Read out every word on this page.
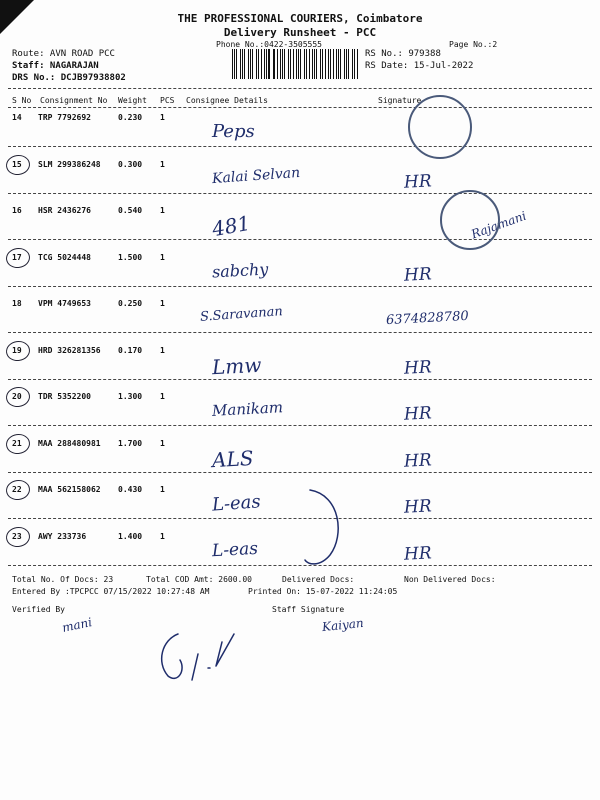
THE PROFESSIONAL COURIERS, Coimbatore
Delivery Runsheet - PCC
Phone No.:0422-3505555	Page No.:2
Route: AVN ROAD PCC
Staff: NAGARAJAN
DRS No.: DCJB97938802
RS No.: 979388
RS Date: 15-Jul-2022
S No Consignment No Weight PCS Consignee Details	Signature
14 TRP 7792692	0.230 1
Peps
15 SLM 299386248 0.300 1
Kalai Selvan	HR
16 HSR 2436276	0.540 1
481	Rajamani
17 TCG 5024448	1.500 1
sabchy	HR
18 VPM 4749653	0.250 1
S.Saravanan	6374828780
19 HRD 326281356 0.170 1
Lmw	HR
20 TDR 5352200	1.300 1
Manikam	HR
21 MAA 288480981 1.700 1
ALS	HR
22 MAA 562158062 0.430 1
L-eas	HR
23 AWY 233736	1.400 1
L-eas	HR
Total No. Of Docs: 23	Total COD Amt: 2600.00	Delivered Docs:	Non Delivered Docs:
Entered By :TPCPCC 07/15/2022 10:27:48 AM	Printed On: 15-07-2022 11:24:05
Verified By	Staff Signature
mani	Kaiyan
